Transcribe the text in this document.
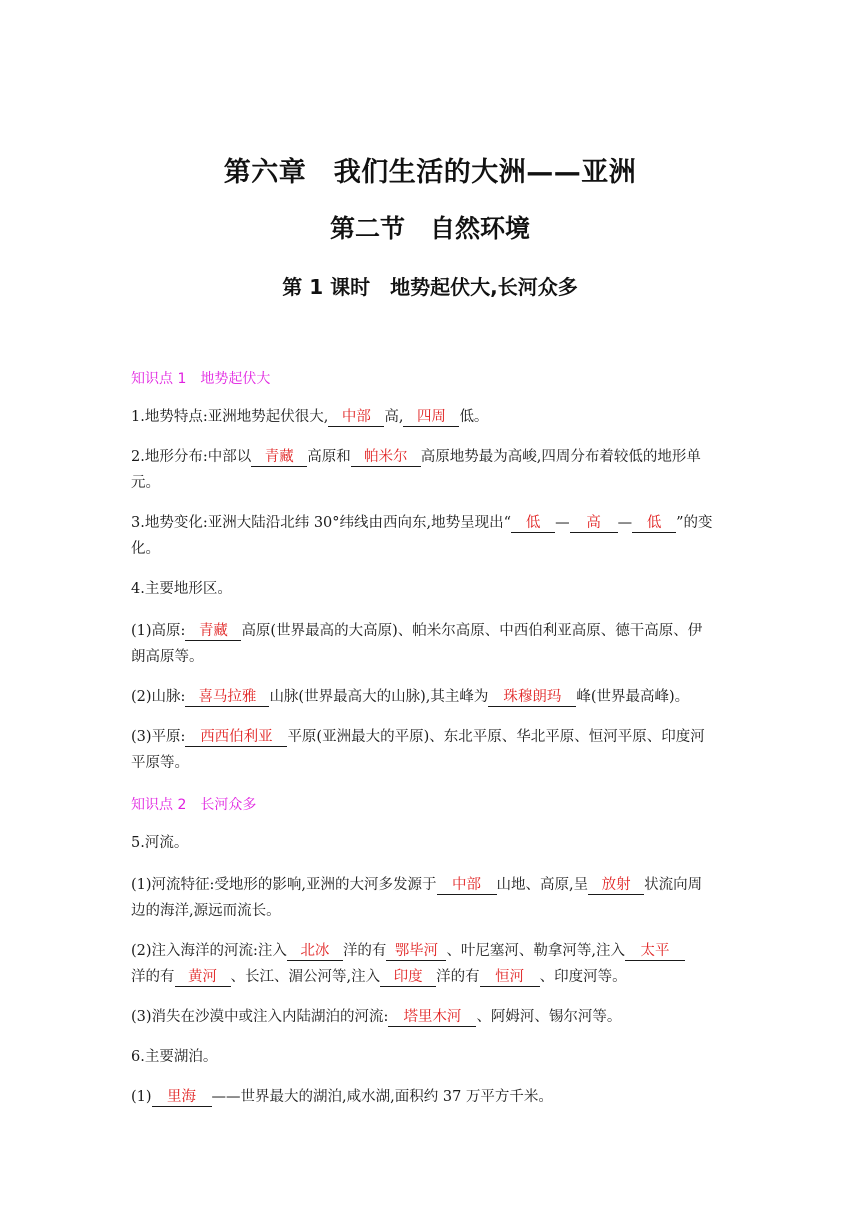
第六章　我们生活的大洲——亚洲
第二节　自然环境
第 1 课时　地势起伏大,长河众多
知识点 1　地势起伏大
1.地势特点:亚洲地势起伏很大, 中部 高, 四周 低。
2.地形分布:中部以 青藏 高原和 帕米尔 高原地势最为高峻,四周分布着较低的地形单
元。
3.地势变化:亚洲大陆沿北纬 30°纬线由西向东,地势呈现出“ 低 — 高 — 低 ”的变
化。
4.主要地形区。
(1)高原: 青藏 高原(世界最高的大高原)、帕米尔高原、中西伯利亚高原、德干高原、伊
朗高原等。
(2)山脉: 喜马拉雅 山脉(世界最高大的山脉),其主峰为 珠穆朗玛 峰(世界最高峰)。
(3)平原: 西西伯利亚 平原(亚洲最大的平原)、东北平原、华北平原、恒河平原、印度河
平原等。
知识点 2　长河众多
5.河流。
(1)河流特征:受地形的影响,亚洲的大河多发源于 中部 山地、高原,呈 放射 状流向周
边的海洋,源远而流长。
(2)注入海洋的河流:注入 北冰 洋的有 鄂毕河 、叶尼塞河、勒拿河等,注入 太平
洋的有 黄河 、长江、湄公河等,注入 印度 洋的有 恒河 、印度河等。
(3)消失在沙漠中或注入内陆湖泊的河流: 塔里木河 、阿姆河、锡尔河等。
6.主要湖泊。
(1) 里海 ——世界最大的湖泊,咸水湖,面积约 37 万平方千米。
